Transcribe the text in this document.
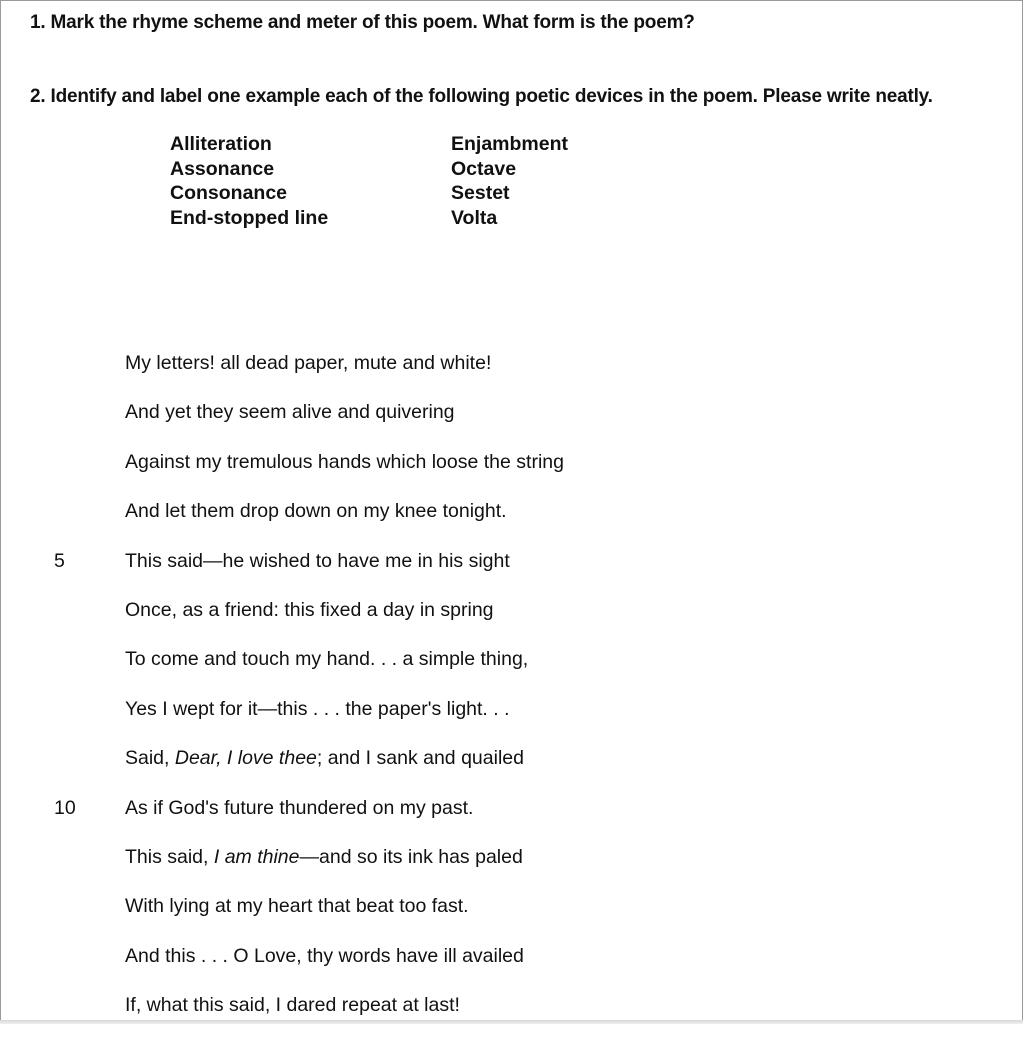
1. Mark the rhyme scheme and meter of this poem. What form is the poem?
2. Identify and label one example each of the following poetic devices in the poem. Please write neatly.
Alliteration
Assonance
Consonance
End-stopped line
Enjambment
Octave
Sestet
Volta
My letters! all dead paper, mute and white!
And yet they seem alive and quivering
Against my tremulous hands which loose the string
And let them drop down on my knee tonight.
5	This said—he wished to have me in his sight
Once, as a friend: this fixed a day in spring
To come and touch my hand. . . a simple thing,
Yes I wept for it—this . . . the paper's light. . .
Said, Dear, I love thee; and I sank and quailed
10	As if God's future thundered on my past.
This said, I am thine—and so its ink has paled
With lying at my heart that beat too fast.
And this . . . O Love, thy words have ill availed
If, what this said, I dared repeat at last!
